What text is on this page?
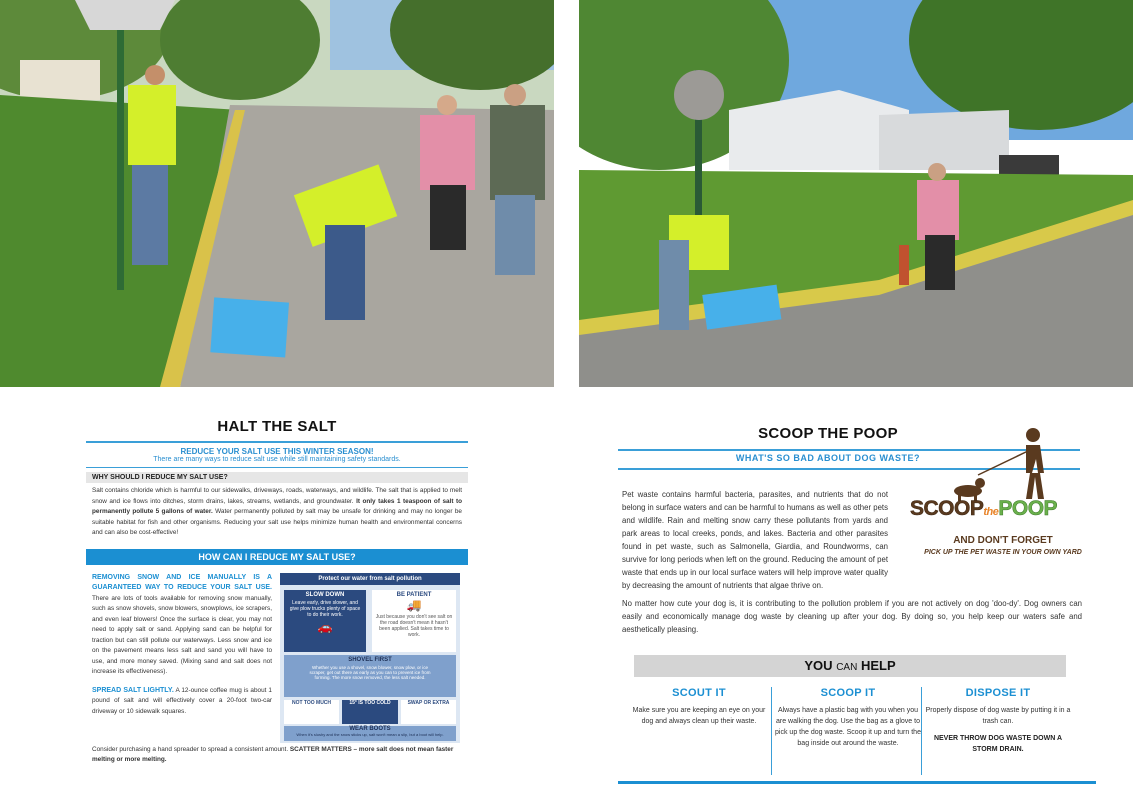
HALT THE SALT
REDUCE YOUR SALT USE THIS WINTER SEASON!
There are many ways to reduce salt use while still maintaining safety standards.
WHY SHOULD I REDUCE MY SALT USE?
Salt contains chloride which is harmful to our sidewalks, driveways, roads, waterways, and wildlife. The salt that is applied to melt snow and ice flows into ditches, storm drains, lakes, streams, wetlands, and groundwater. It only takes 1 teaspoon of salt to permanently pollute 5 gallons of water. Water permanently polluted by salt may be unsafe for drinking and may no longer be suitable habitat for fish and other organisms. Reducing your salt use helps minimize human health and environmental concerns and can also be cost-effective!
HOW CAN I REDUCE MY SALT USE?
REMOVING SNOW AND ICE MANUALLY IS A GUARANTEED WAY TO REDUCE YOUR SALT USE. There are lots of tools available for removing snow manually, such as snow shovels, snow blowers, snowplows, ice scrapers, and even leaf blowers! Once the surface is clear, you may not need to apply salt or sand. Applying sand can be helpful for traction but can still pollute our waterways. Less snow and ice on the pavement means less salt and sand you will have to use, and more money saved. (Mixing sand and salt does not increase its effectiveness).
SPREAD SALT LIGHTLY. A 12-ounce coffee mug is about 1 pound of salt and will effectively cover a 20-foot two-car driveway or 10 sidewalk squares.
Protect our water from salt pollution
SLOW DOWN
Leave early, drive slower, and give plow trucks plenty of space to do their work.
🚗
BE PATIENT
🚚
Just because you don't see salt on the road doesn't mean it hasn't been applied. Salt takes time to work.
SHOVEL FIRST
Whether you use a shovel, snow blower, snow plow, or ice scraper, get out there as early as you can to prevent ice from forming. The more snow removed, the less salt needed.
NOT TOO MUCH	15° IS TOO COLD	SWAP OR EXTRA
WEAR BOOTS
When it's slushy and the snow sticks up, salt won't mean a slip, but a boot will help.
Consider purchasing a hand spreader to spread a consistent amount. SCATTER MATTERS – more salt does not mean faster melting or more melting.
SCOOP THE POOP
WHAT'S SO BAD ABOUT DOG WASTE?
SCOOPthePOOP
AND DON'T FORGET
PICK UP THE PET WASTE IN YOUR OWN YARD
Pet waste contains harmful bacteria, parasites, and nutrients that do not belong in surface waters and can be harmful to humans as well as other pets and wildlife. Rain and melting snow carry these pollutants from yards and park areas to local creeks, ponds, and lakes. Bacteria and other parasites found in pet waste, such as Salmonella, Giardia, and Roundworms, can survive for long periods when left on the ground. Reducing the amount of pet waste that ends up in our local surface waters will help improve water quality by decreasing the amount of nutrients that algae thrive on.
No matter how cute your dog is, it is contributing to the pollution problem if you are not actively on dog 'doo-dy'. Dog owners can easily and economically manage dog waste by cleaning up after your dog. By doing so, you help keep our waters safe and aesthetically pleasing.
YOU CAN HELP
SCOUT IT

Make sure you are keeping an eye on your dog and always clean up their waste.

SCOOP IT

Always have a plastic bag with you when you are walking the dog. Use the bag as a glove to pick up the dog waste. Scoop it up and turn the bag inside out around the waste.

DISPOSE IT

Properly dispose of dog waste by putting it in a trash can.

NEVER THROW DOG WASTE DOWN A STORM DRAIN.
